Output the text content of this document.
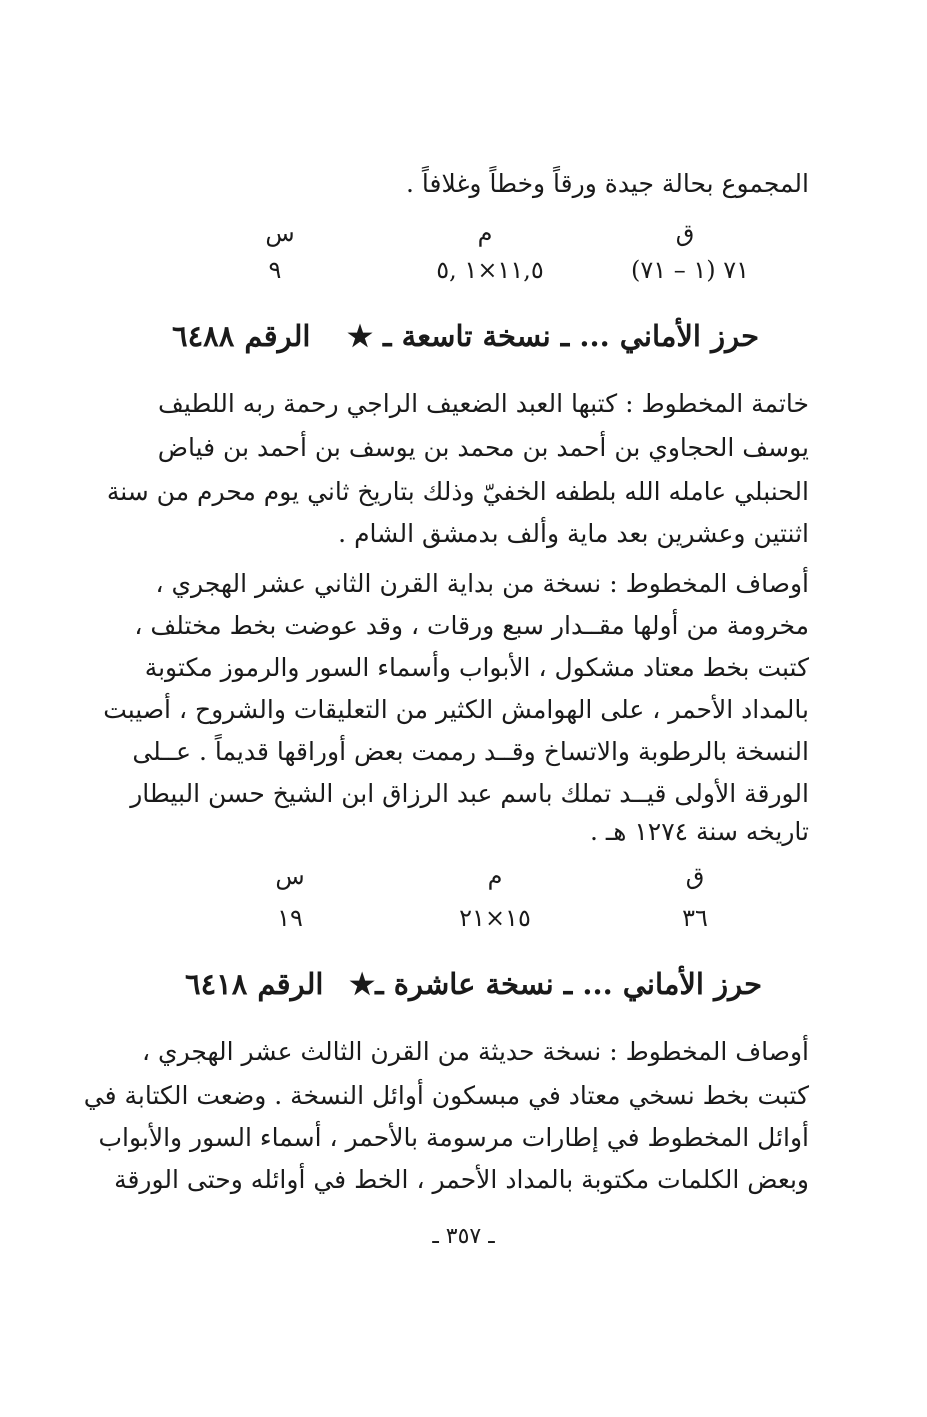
المجموع بحالة جيدة ورقاً وخطاً وغلافاً .
ق
م
س
٧١ (١ – ٧١)
١١,٥×١ ,٥
٩
حرز الأماني ... ـ نسخة تاسعة ـ ★
الرقم ٦٤٨٨
خاتمة المخطوط : كتبها العبد الضعيف الراجي رحمة ربه اللطيف
يوسف الحجاوي بن أحمد بن محمد بن يوسف بن أحمد بن فياض
الحنبلي عامله الله بلطفه الخفيّ وذلك بتاريخ ثاني يوم محرم من سنة
اثنتين وعشرين بعد ماية وألف بدمشق الشام .
أوصاف المخطوط : نسخة من بداية القرن الثاني عشر الهجري ،
مخرومة من أولها مقــدار سبع ورقات ، وقد عوضت بخط مختلف ،
كتبت بخط معتاد مشكول ، الأبواب وأسماء السور والرموز مكتوبة
بالمداد الأحمر ، على الهوامش الكثير من التعليقات والشروح ، أصيبت
النسخة بالرطوبة والاتساخ وقــد رممت بعض أوراقها قديماً . عــلى
الورقة الأولى قيــد تملك باسم عبد الرزاق ابن الشيخ حسن البيطار
تاريخه سنة ١٢٧٤ هـ .
ق
م
س
٣٦
١٥×٢١
١٩
حرز الأماني ... ـ نسخة عاشرة ـ★
الرقم ٦٤١٨
أوصاف المخطوط : نسخة حديثة من القرن الثالث عشر الهجري ،
كتبت بخط نسخي معتاد في مبسكون أوائل النسخة . وضعت الكتابة في
أوائل المخطوط في إطارات مرسومة بالأحمر ، أسماء السور والأبواب
وبعض الكلمات مكتوبة بالمداد الأحمر ، الخط في أوائله وحتى الورقة
ـ ٣٥٧ ـ
